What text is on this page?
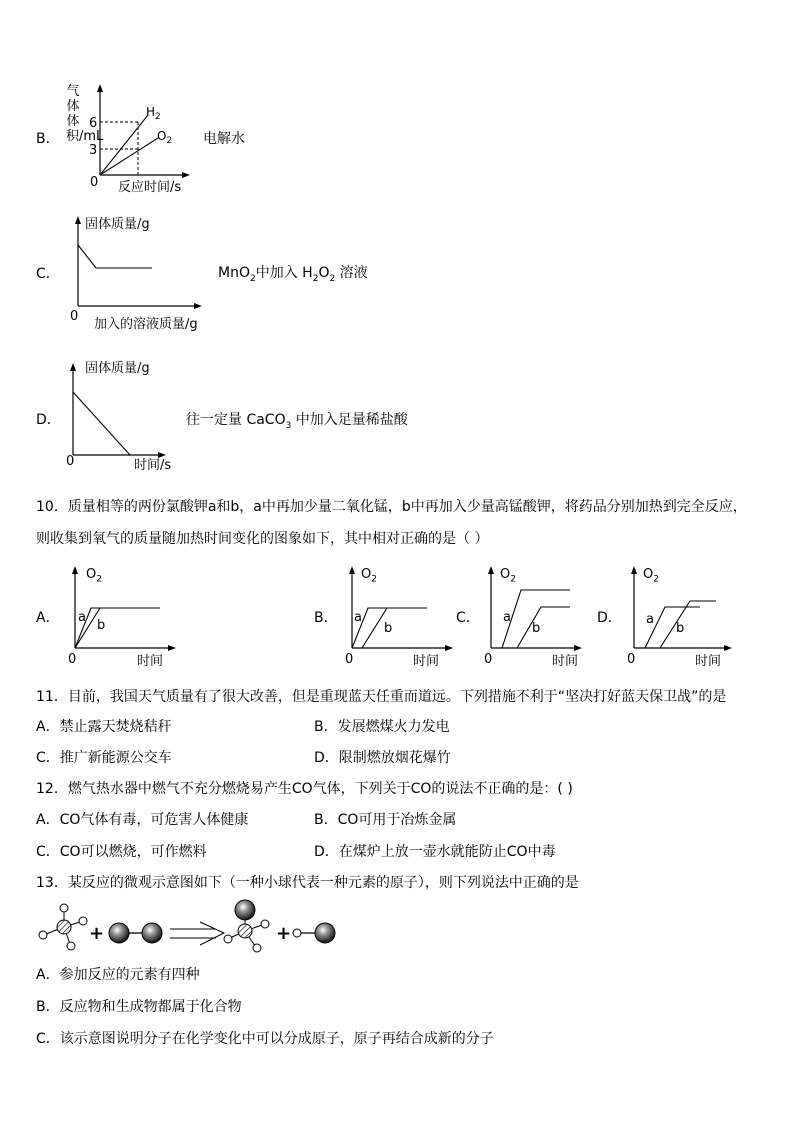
B．
气体体积/mL
6
3
0 反应时间/s
电解水
$H_2$
$O_2$
C．
固体质量/g
0
加入的溶液质量/g
MnO$_2$中加入 $H_2O_2$ 溶液
D．
固体质量/g
0	时间/s
往一定量 CaCO$_3$ 中加入足量稀盐酸
10．质量相等的两份氯酸钾a和b，a中再加少量二氧化锰，b中再加入少量高锰酸钾，将药品分别加热到完全反应，
则收集到氧气的质量随加热时间变化的图象如下，其中相对正确的是（ ）
A．
$O_2$
0	时间
a
b	B．
$O_2$
0	时间
a
b
C．
$O_2$
0	时间
a
b
D．
$O_2$
0	时间
a
b
11．目前，我国天气质量有了很大改善，但是重现蓝天任重而道远。下列措施不利于“坚决打好蓝天保卫战”的是
A．禁止露天焚烧秸秆	B．发展燃煤火力发电
C．推广新能源公交车	D．限制燃放烟花爆竹
12．燃气热水器中燃气不充分燃烧易产生CO气体，下列关于CO的说法不正确的是：( )
A．CO气体有毒，可危害人体健康	B．CO可用于冶炼金属
C．CO可以燃烧，可作燃料	D．在煤炉上放一壶水就能防止CO中毒
13．某反应的微观示意图如下（一种小球代表一种元素的原子），则下列说法中正确的是
+	+
A．参加反应的元素有四种
B．反应物和生成物都属于化合物
C．该示意图说明分子在化学变化中可以分成原子，原子再结合成新的分子
